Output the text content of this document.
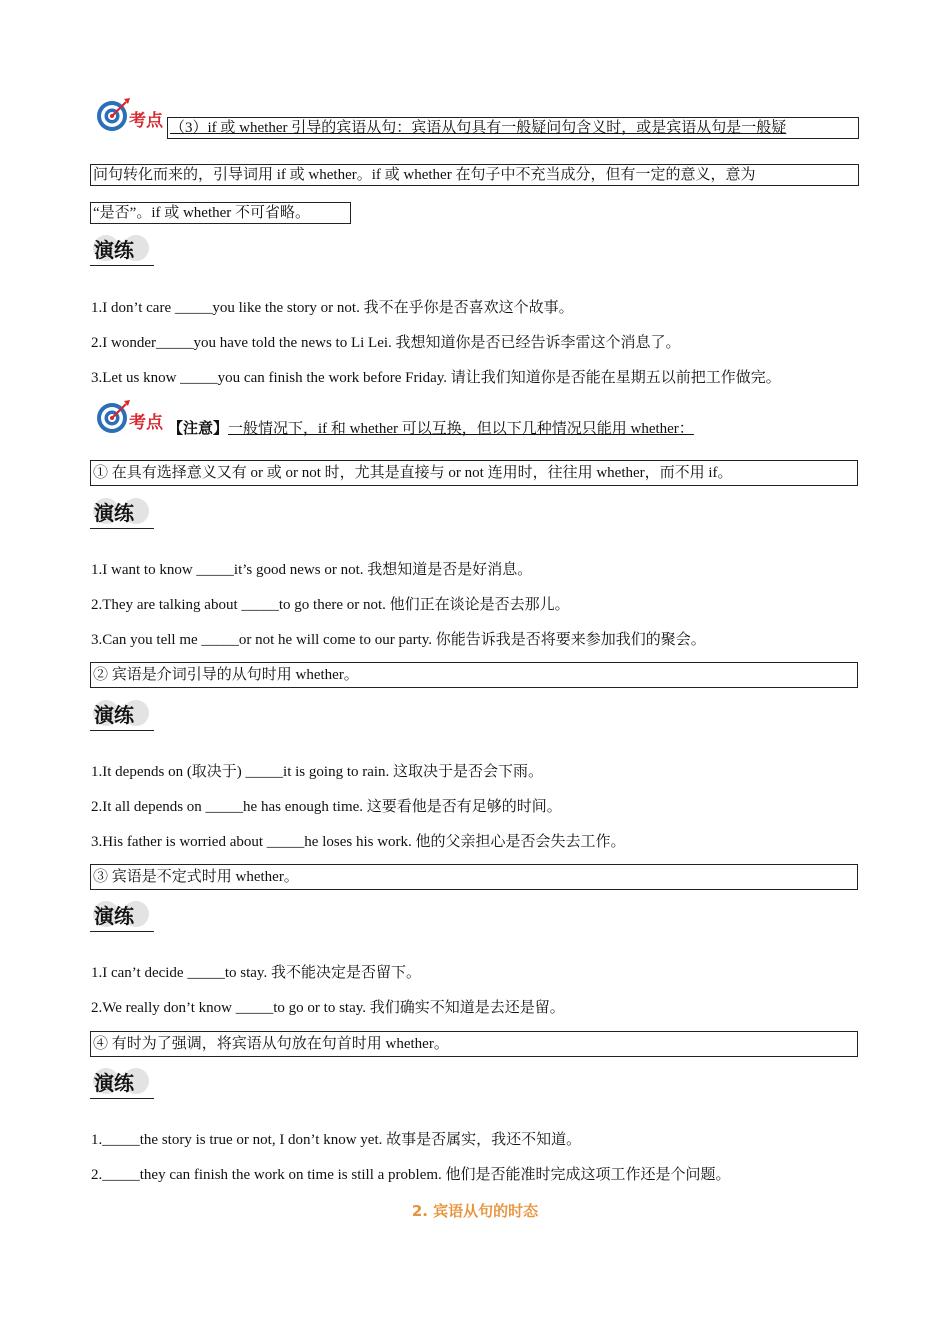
考点 （3）if 或 whether 引导的宾语从句：宾语从句具有一般疑问句含义时，或是宾语从句是一般疑
问句转化而来的，引导词用 if 或 whether。if 或 whether 在句子中不充当成分，但有一定的意义，意为
“是否”。if 或 whether 不可省略。
演练
1.I don’t care _____you like the story or not. 我不在乎你是否喜欢这个故事。
2.I wonder_____you have told the news to Li Lei. 我想知道你是否已经告诉李雷这个消息了。
3.Let us know _____you can finish the work before Friday. 请让我们知道你是否能在星期五以前把工作做完。
考点 【注意】一般情况下，if 和 whether 可以互换，但以下几种情况只能用 whether：
① 在具有选择意义又有 or 或 or not 时，尤其是直接与 or not 连用时，往往用 whether，而不用 if。
演练
1.I want to know _____it’s good news or not. 我想知道是否是好消息。
2.They are talking about _____to go there or not. 他们正在谈论是否去那儿。
3.Can you tell me _____or not he will come to our party. 你能告诉我是否将要来参加我们的聚会。
② 宾语是介词引导的从句时用 whether。
演练
1.It depends on (取决于) _____it is going to rain. 这取决于是否会下雨。
2.It all depends on _____he has enough time. 这要看他是否有足够的时间。
3.His father is worried about _____he loses his work. 他的父亲担心是否会失去工作。
③ 宾语是不定式时用 whether。
演练
1.I can’t decide _____to stay. 我不能决定是否留下。
2.We really don’t know _____to go or to stay. 我们确实不知道是去还是留。
④ 有时为了强调，将宾语从句放在句首时用 whether。
演练
1._____the story is true or not, I don’t know yet. 故事是否属实，我还不知道。
2._____they can finish the work on time is still a problem. 他们是否能准时完成这项工作还是个问题。
2. 宾语从句的时态
